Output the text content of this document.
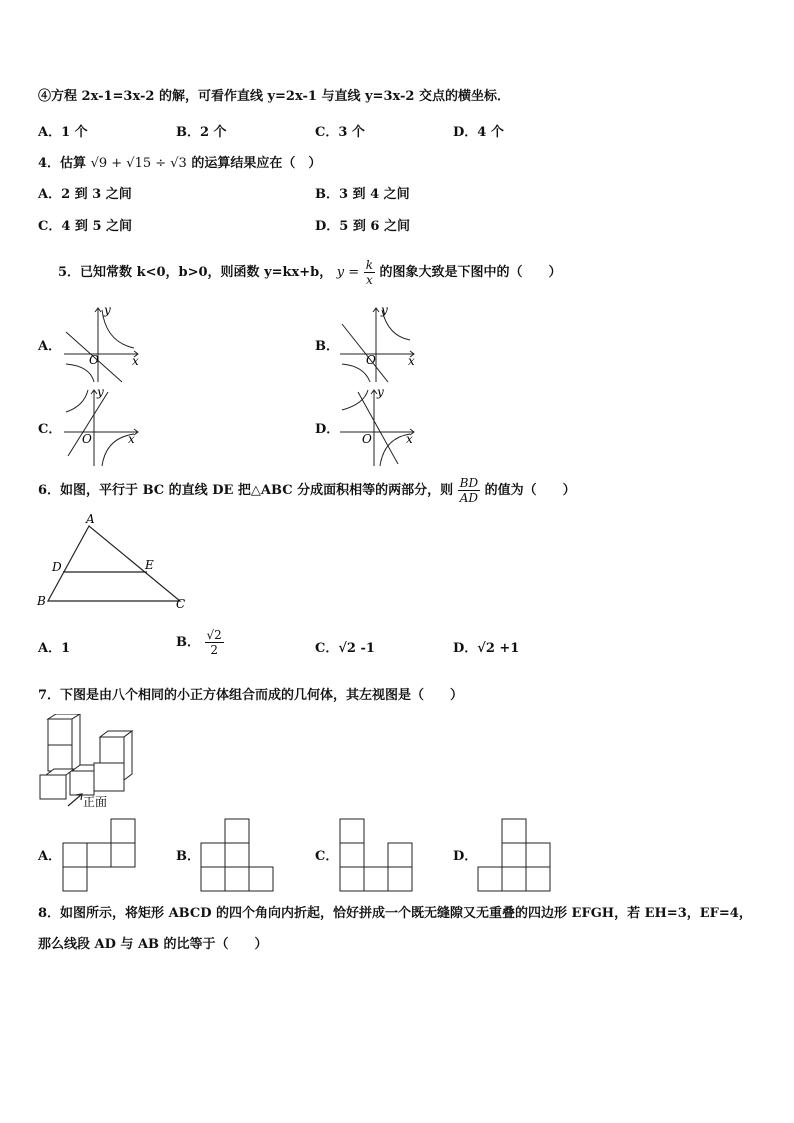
④方程 2x-1=3x-2 的解，可看作直线 y=2x-1 与直线 y=3x-2 交点的横坐标．
A．1 个	B．2 个	C．3 个	D．4 个
4．估算 √9 + √15 ÷ √3 的运算结果应在（　）
A．2 到 3 之间	B．3 到 4 之间
C．4 到 5 之间	D．5 到 6 之间
5．已知常数 k<0，b>0，则函数 y=kx+b， $y = \frac{k}{x}$ 的图象大致是下图中的（　　）
A．	B．
C．	D．
O
y
x	O
y
x
O
y
x	O
y
x
6．如图，平行于 BC 的直线 DE 把△ABC 分成面积相等的两部分，则 $\frac{BD}{AD}$ 的值为（　　）
A
D	E
B	C
A．1	B． $\frac{√2}{2}$	C．√2 -1	D．√2 +1
7．下图是由八个相同的小正方体组合而成的几何体，其左视图是（　　）
正面
A．	B．	C．	D．
8．如图所示，将矩形 ABCD 的四个角向内折起，恰好拼成一个既无缝隙又无重叠的四边形 EFGH，若 EH=3，EF=4，
那么线段 AD 与 AB 的比等于（　　）
